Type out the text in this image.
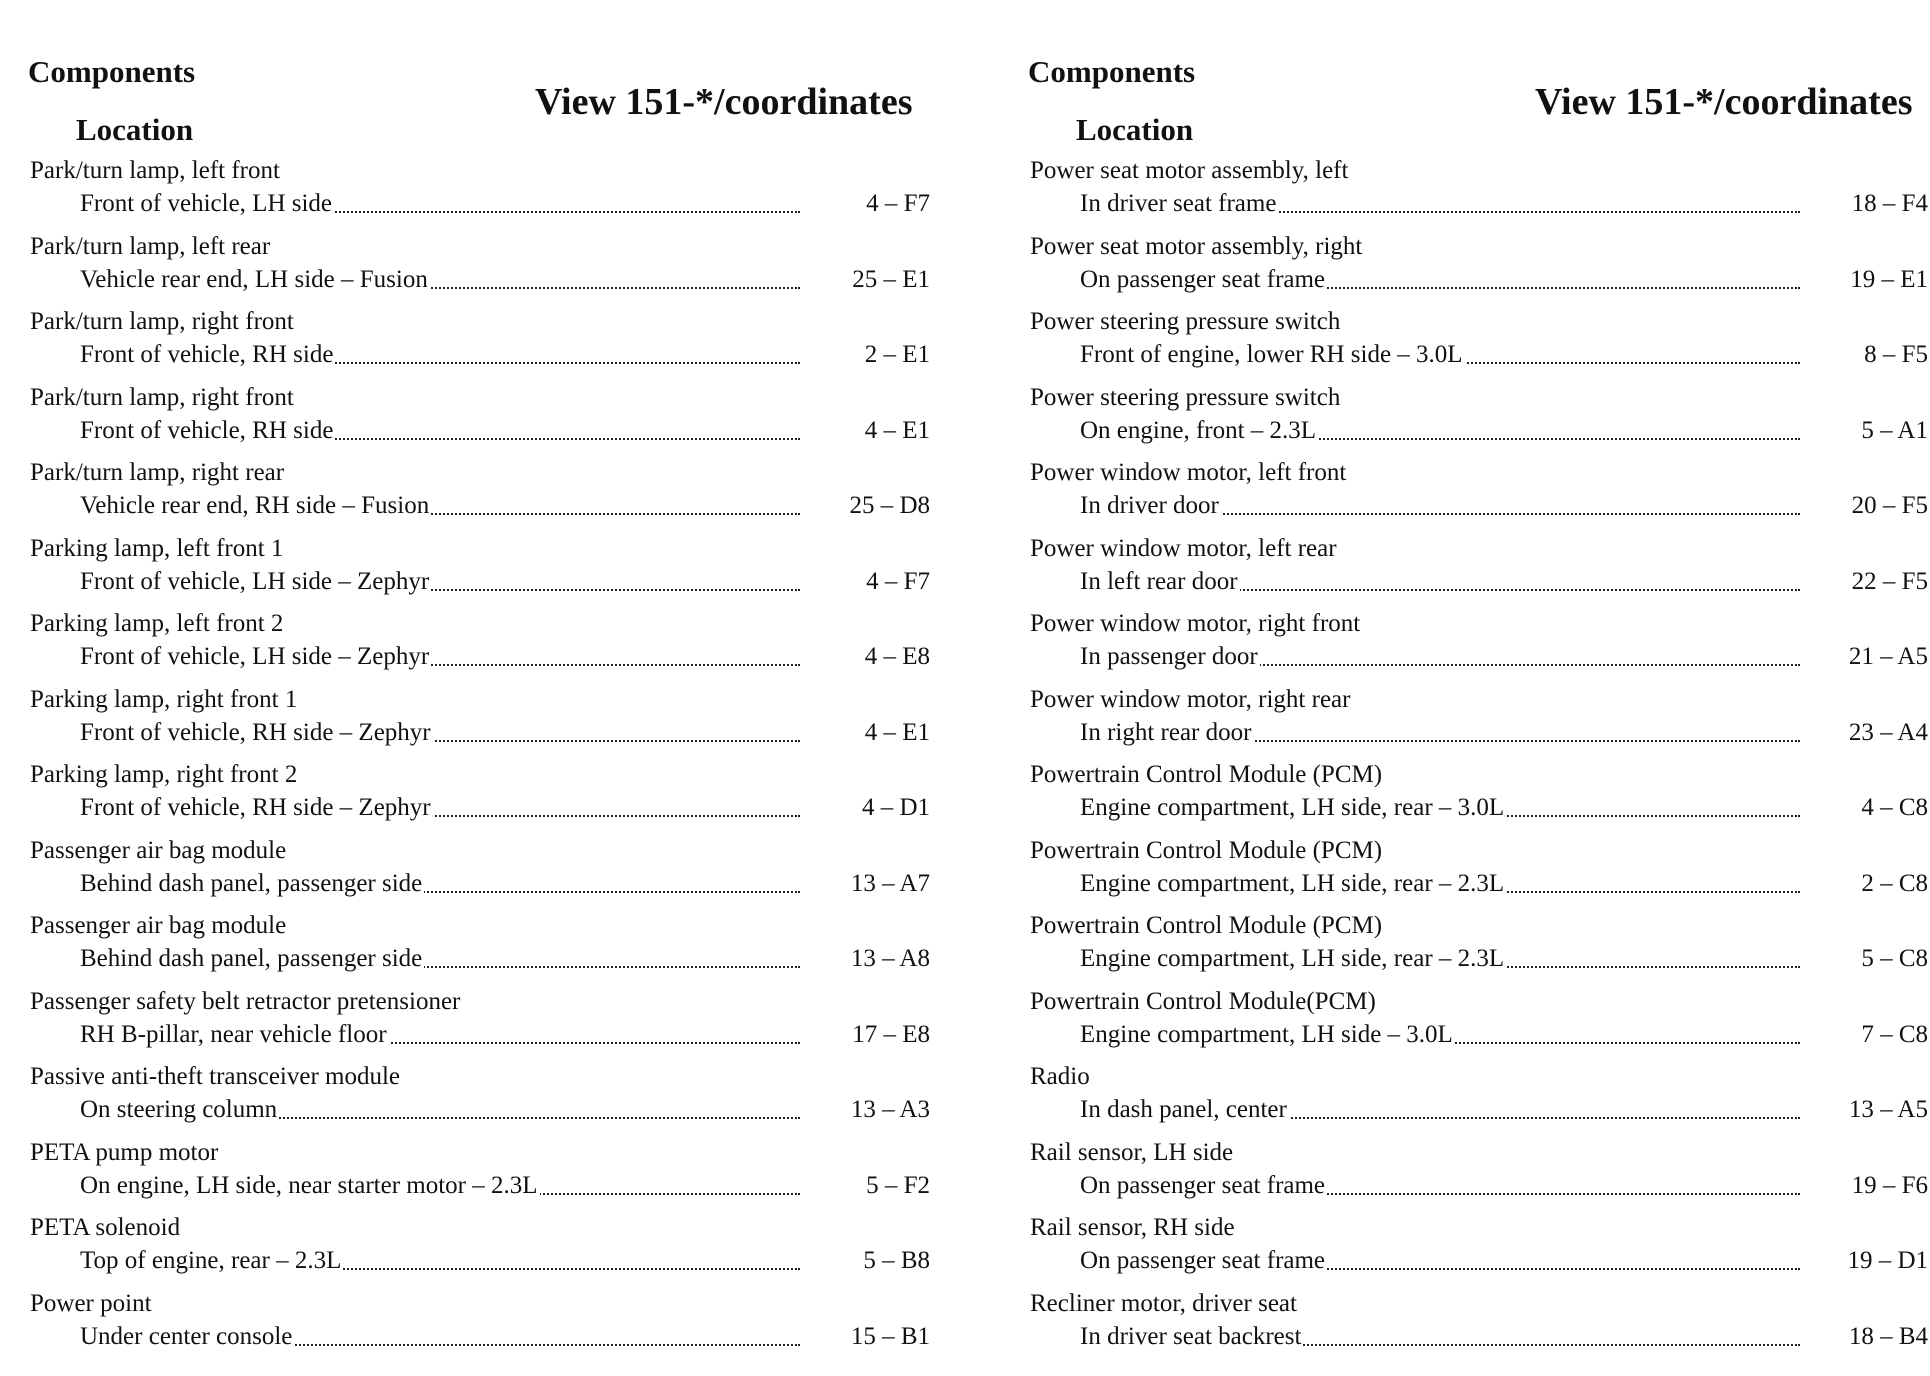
Components
Location
View 151-*/coordinates
Park/turn lamp, left front
Front of vehicle, LH side	4 – F7
Park/turn lamp, left rear
Vehicle rear end, LH side – Fusion	25 – E1
Park/turn lamp, right front
Front of vehicle, RH side	2 – E1
Park/turn lamp, right front
Front of vehicle, RH side	4 – E1
Park/turn lamp, right rear
Vehicle rear end, RH side – Fusion	25 – D8
Parking lamp, left front 1
Front of vehicle, LH side – Zephyr	4 – F7
Parking lamp, left front 2
Front of vehicle, LH side – Zephyr	4 – E8
Parking lamp, right front 1
Front of vehicle, RH side – Zephyr	4 – E1
Parking lamp, right front 2
Front of vehicle, RH side – Zephyr	4 – D1
Passenger air bag module
Behind dash panel, passenger side	13 – A7
Passenger air bag module
Behind dash panel, passenger side	13 – A8
Passenger safety belt retractor pretensioner
RH B-pillar, near vehicle floor	17 – E8
Passive anti-theft transceiver module
On steering column	13 – A3
PETA pump motor
On engine, LH side, near starter motor – 2.3L	5 – F2
PETA solenoid
Top of engine, rear – 2.3L	5 – B8
Power point
Under center console	15 – B1
Components
Location
View 151-*/coordinates
Power seat motor assembly, left
In driver seat frame	18 – F4
Power seat motor assembly, right
On passenger seat frame	19 – E1
Power steering pressure switch
Front of engine, lower RH side – 3.0L	8 – F5
Power steering pressure switch
On engine, front – 2.3L	5 – A1
Power window motor, left front
In driver door	20 – F5
Power window motor, left rear
In left rear door	22 – F5
Power window motor, right front
In passenger door	21 – A5
Power window motor, right rear
In right rear door	23 – A4
Powertrain Control Module (PCM)
Engine compartment, LH side, rear – 3.0L	4 – C8
Powertrain Control Module (PCM)
Engine compartment, LH side, rear – 2.3L	2 – C8
Powertrain Control Module (PCM)
Engine compartment, LH side, rear – 2.3L	5 – C8
Powertrain Control Module(PCM)
Engine compartment, LH side – 3.0L	7 – C8
Radio
In dash panel, center	13 – A5
Rail sensor, LH side
On passenger seat frame	19 – F6
Rail sensor, RH side
On passenger seat frame	19 – D1
Recliner motor, driver seat
In driver seat backrest	18 – B4
